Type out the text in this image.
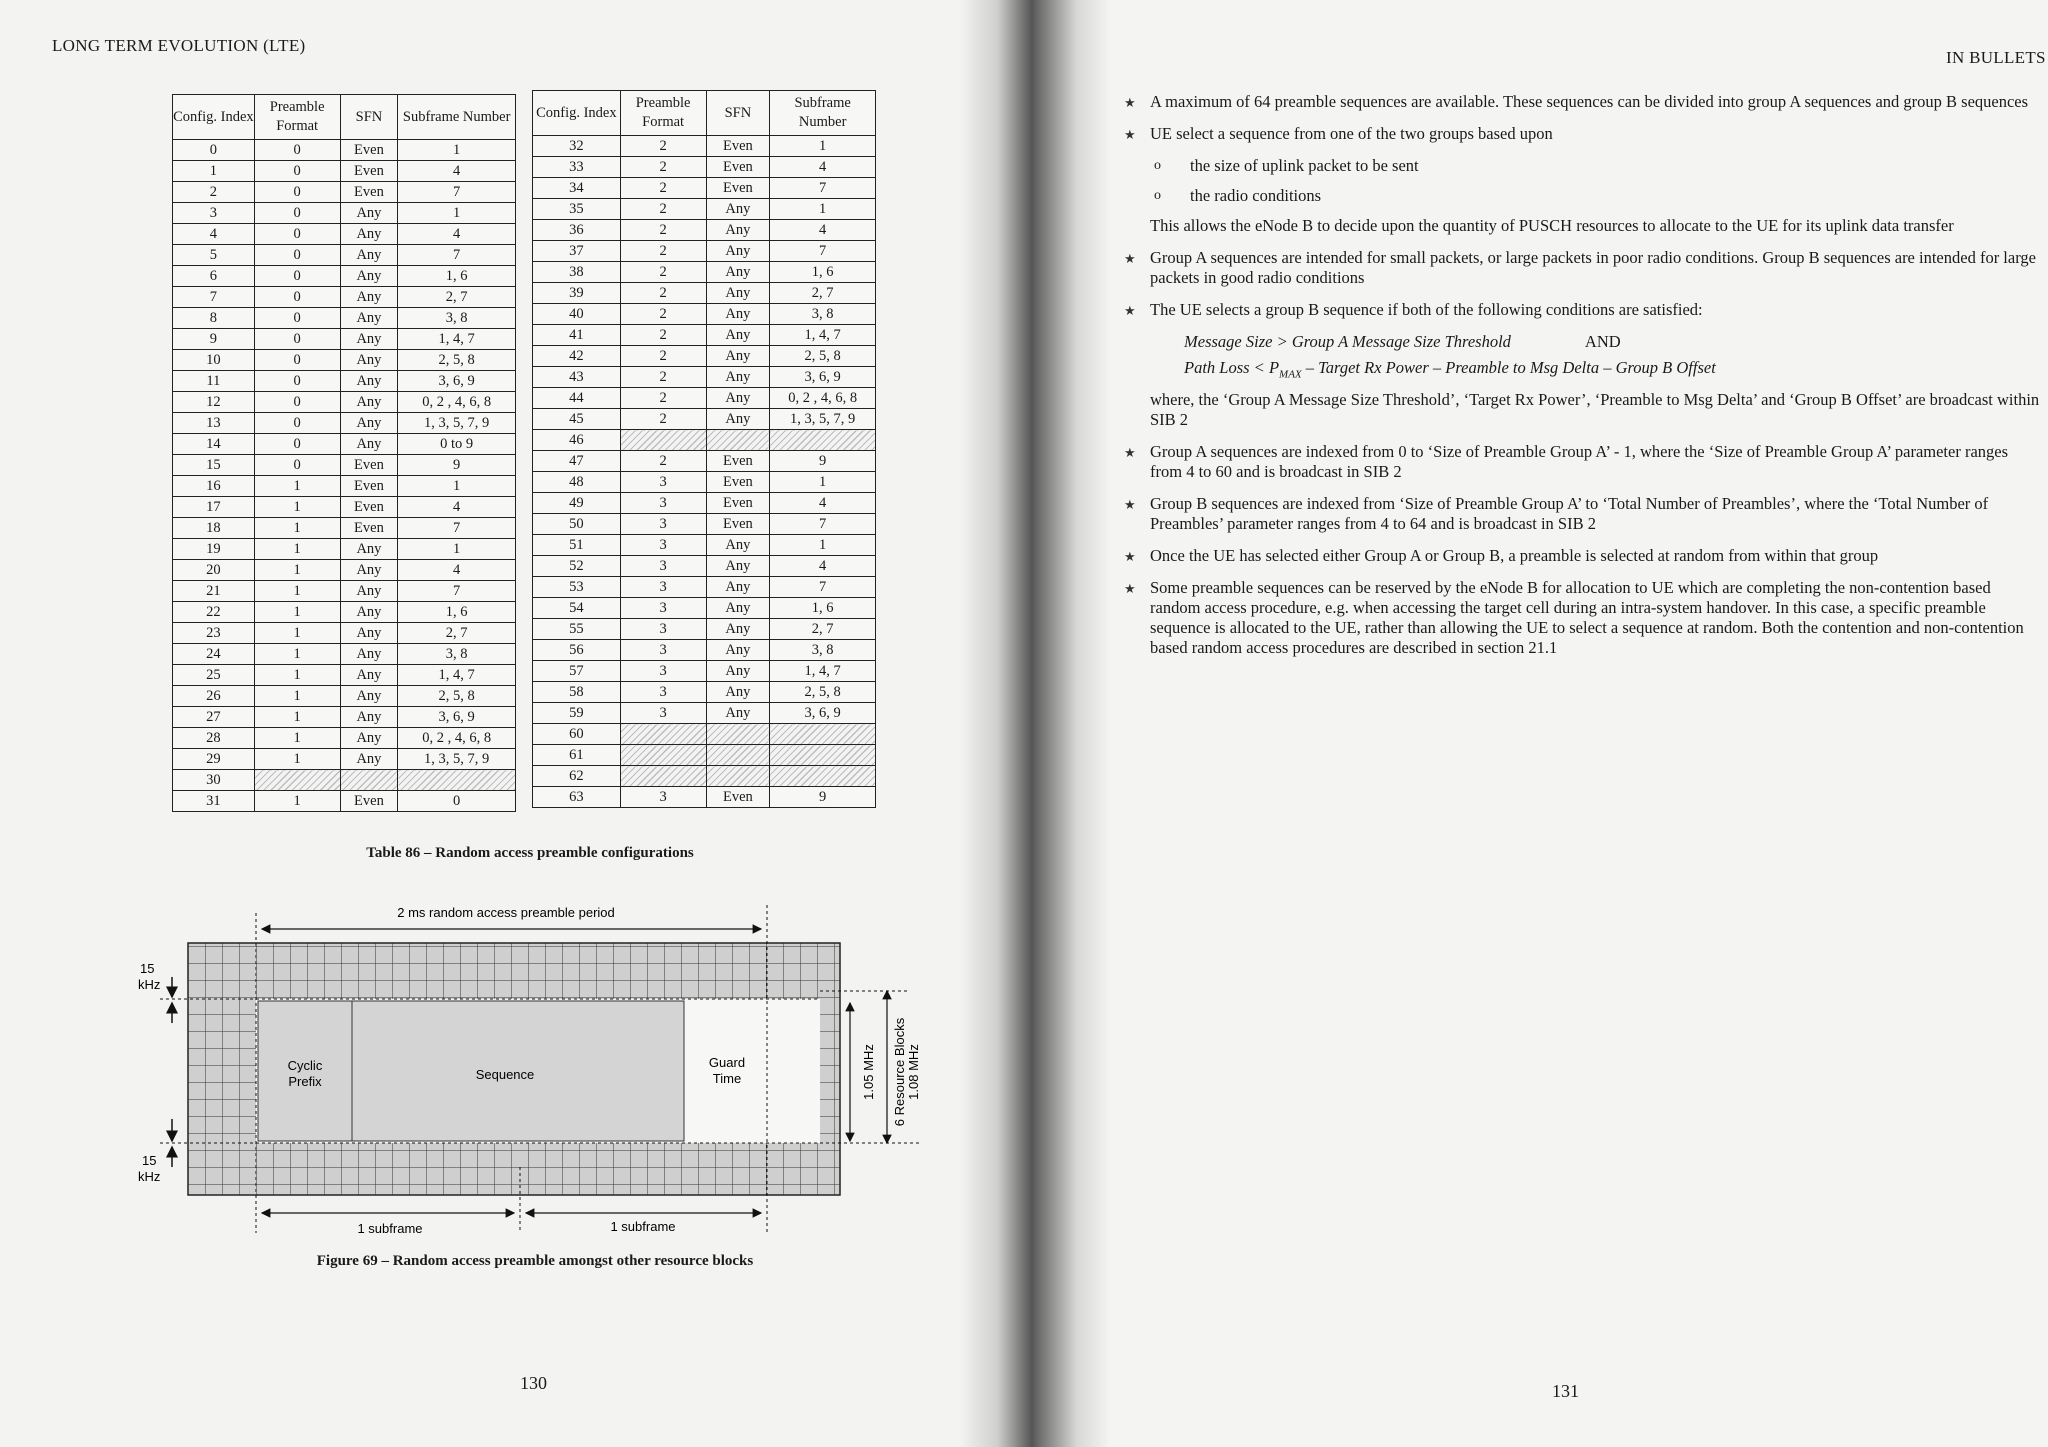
LONG TERM EVOLUTION (LTE)
Config. Index	Preamble Format	SFN	Subframe Number
0	0	Even	1
1	0	Even	4
2	0	Even	7
3	0	Any	1
4	0	Any	4
5	0	Any	7
6	0	Any	1, 6
7	0	Any	2, 7
8	0	Any	3, 8
9	0	Any	1, 4, 7
10	0	Any	2, 5, 8
11	0	Any	3, 6, 9
12	0	Any	0, 2 , 4, 6, 8
13	0	Any	1, 3, 5, 7, 9
14	0	Any	0 to 9
15	0	Even	9
16	1	Even	1
17	1	Even	4
18	1	Even	7
19	1	Any	1
20	1	Any	4
21	1	Any	7
22	1	Any	1, 6
23	1	Any	2, 7
24	1	Any	3, 8
25	1	Any	1, 4, 7
26	1	Any	2, 5, 8
27	1	Any	3, 6, 9
28	1	Any	0, 2 , 4, 6, 8
29	1	Any	1, 3, 5, 7, 9
30			
31	1	Even	0
Config. Index	Preamble Format	SFN	Subframe Number
32	2	Even	1
33	2	Even	4
34	2	Even	7
35	2	Any	1
36	2	Any	4
37	2	Any	7
38	2	Any	1, 6
39	2	Any	2, 7
40	2	Any	3, 8
41	2	Any	1, 4, 7
42	2	Any	2, 5, 8
43	2	Any	3, 6, 9
44	2	Any	0, 2 , 4, 6, 8
45	2	Any	1, 3, 5, 7, 9
46			
47	2	Even	9
48	3	Even	1
49	3	Even	4
50	3	Even	7
51	3	Any	1
52	3	Any	4
53	3	Any	7
54	3	Any	1, 6
55	3	Any	2, 7
56	3	Any	3, 8
57	3	Any	1, 4, 7
58	3	Any	2, 5, 8
59	3	Any	3, 6, 9
60			
61			
62			
63	3	Even	9
Table 86 – Random access preamble configurations
Cyclic
Prefix	Sequence
Guard
Time
2 ms random access preamble period
1 subframe	1 subframe
15
kHz
15
kHz
1.05 MHz 6 Resource Blocks 1.08 MHz
Figure 69 – Random access preamble amongst other resource blocks
130
IN BULLETS
★ A maximum of 64 preamble sequences are available. These sequences can be divided into group A sequences and group B sequences
★ UE select a sequence from one of the two groups based upon
o the size of uplink packet to be sent
o the radio conditions
This allows the eNode B to decide upon the quantity of PUSCH resources to allocate to the UE for its uplink data transfer
★ Group A sequences are intended for small packets, or large packets in poor radio conditions. Group B sequences are intended for large packets in good radio conditions
★ The UE selects a group B sequence if both of the following conditions are satisfied:
Message Size > Group A Message Size Threshold	AND
Path Loss < $P_{MAX}$ – Target Rx Power – Preamble to Msg Delta – Group B Offset
where, the ‘Group A Message Size Threshold’, ‘Target Rx Power’, ‘Preamble to Msg Delta’ and ‘Group B Offset’ are broadcast within SIB 2
★ Group A sequences are indexed from 0 to ‘Size of Preamble Group A’ - 1, where the ‘Size of Preamble Group A’ parameter ranges from 4 to 60 and is broadcast in SIB 2
★ Group B sequences are indexed from ‘Size of Preamble Group A’ to ‘Total Number of Preambles’, where the ‘Total Number of Preambles’ parameter ranges from 4 to 64 and is broadcast in SIB 2
★ Once the UE has selected either Group A or Group B, a preamble is selected at random from within that group
★ Some preamble sequences can be reserved by the eNode B for allocation to UE which are completing the non-contention based random access procedure, e.g. when accessing the target cell during an intra-system handover. In this case, a specific preamble sequence is allocated to the UE, rather than allowing the UE to select a sequence at random. Both the contention and non-contention based random access procedures are described in section 21.1
131
